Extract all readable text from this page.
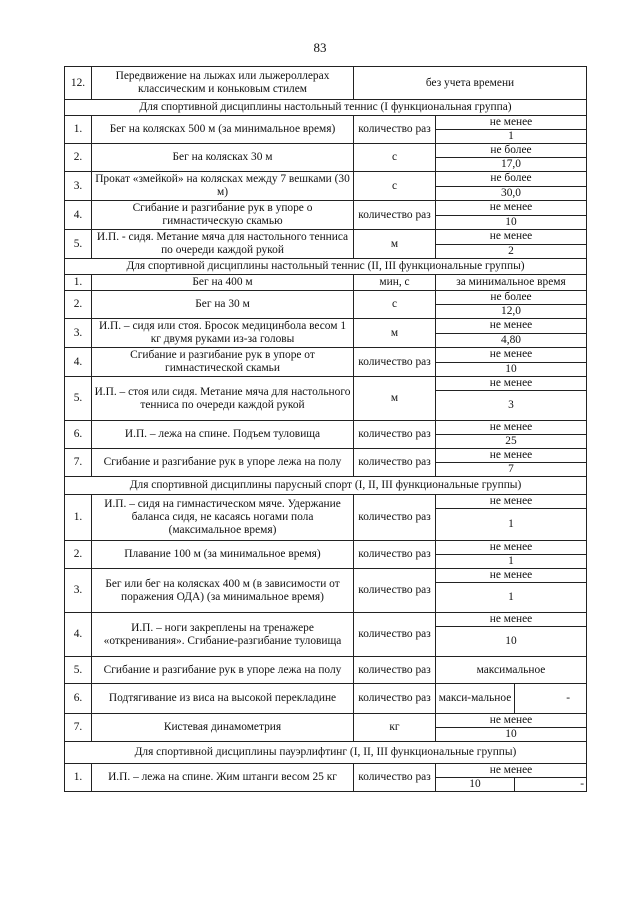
83
12.	Передвижение на лыжах или лыжероллерах классическим и коньковым стилем	без учета времени		
Для спортивной дисциплины настольный теннис (I функциональная группа)				
1.	Бег на колясках 500 м (за минимальное время)	количество раз	не менее	
			1	
2.	Бег на колясках 30 м	с	не более	
			17,0	
3.	Прокат «змейкой» на колясках между 7 вешками (30 м)	с	не более	
			30,0	
4.	Сгибание и разгибание рук в упоре о гимнастическую скамью	количество раз	не менее	
			10	
5.	И.П. - сидя. Метание мяча для настольного тенниса по очереди каждой рукой	м	не менее	
			2	
Для спортивной дисциплины настольный теннис (II, III функциональные группы)				
1.	Бег на 400 м	мин, с	за минимальное время	
2.	Бег на 30 м	с	не более	
			12,0	
3.	И.П. – сидя или стоя. Бросок медицинбола весом 1 кг двумя руками из-за головы	м	не менее	
			4,80	
4.	Сгибание и разгибание рук в упоре от гимнастической скамьи	количество раз	не менее	
			10	
5.	И.П. – стоя или сидя. Метание мяча для настольного тенниса по очереди каждой рукой	м	не менее	
			3	
6.	И.П. – лежа на спине. Подъем туловища	количество раз	не менее	
			25	
7.	Сгибание и разгибание рук в упоре лежа на полу	количество раз	не менее	
			7	
Для спортивной дисциплины парусный спорт (I, II, III функциональные группы)				
1.	И.П. – сидя на гимнастическом мяче. Удержание баланса сидя, не касаясь ногами пола (максимальное время)	количество раз	не менее	
			1	
2.	Плавание 100 м (за минимальное время)	количество раз	не менее	
			1	
3.	Бег или бег на колясках 400 м (в зависимости от поражения ОДА) (за минимальное время)	количество раз	не менее	
			1	
4.	И.П. – ноги закреплены на тренажере «откренивания». Сгибание-разгибание туловища	количество раз	не менее	
			10	
5.	Сгибание и разгибание рук в упоре лежа на полу	количество раз	максимальное	
6.	Подтягивание из виса на высокой перекладине	количество раз	макси-мальное	-
7.	Кистевая динамометрия	кг	не менее	
			10	
Для спортивной дисциплины пауэрлифтинг (I, II, III функциональные группы)				
1.	И.П. – лежа на спине. Жим штанги весом 25 кг	количество раз	не менее	
			10	-
